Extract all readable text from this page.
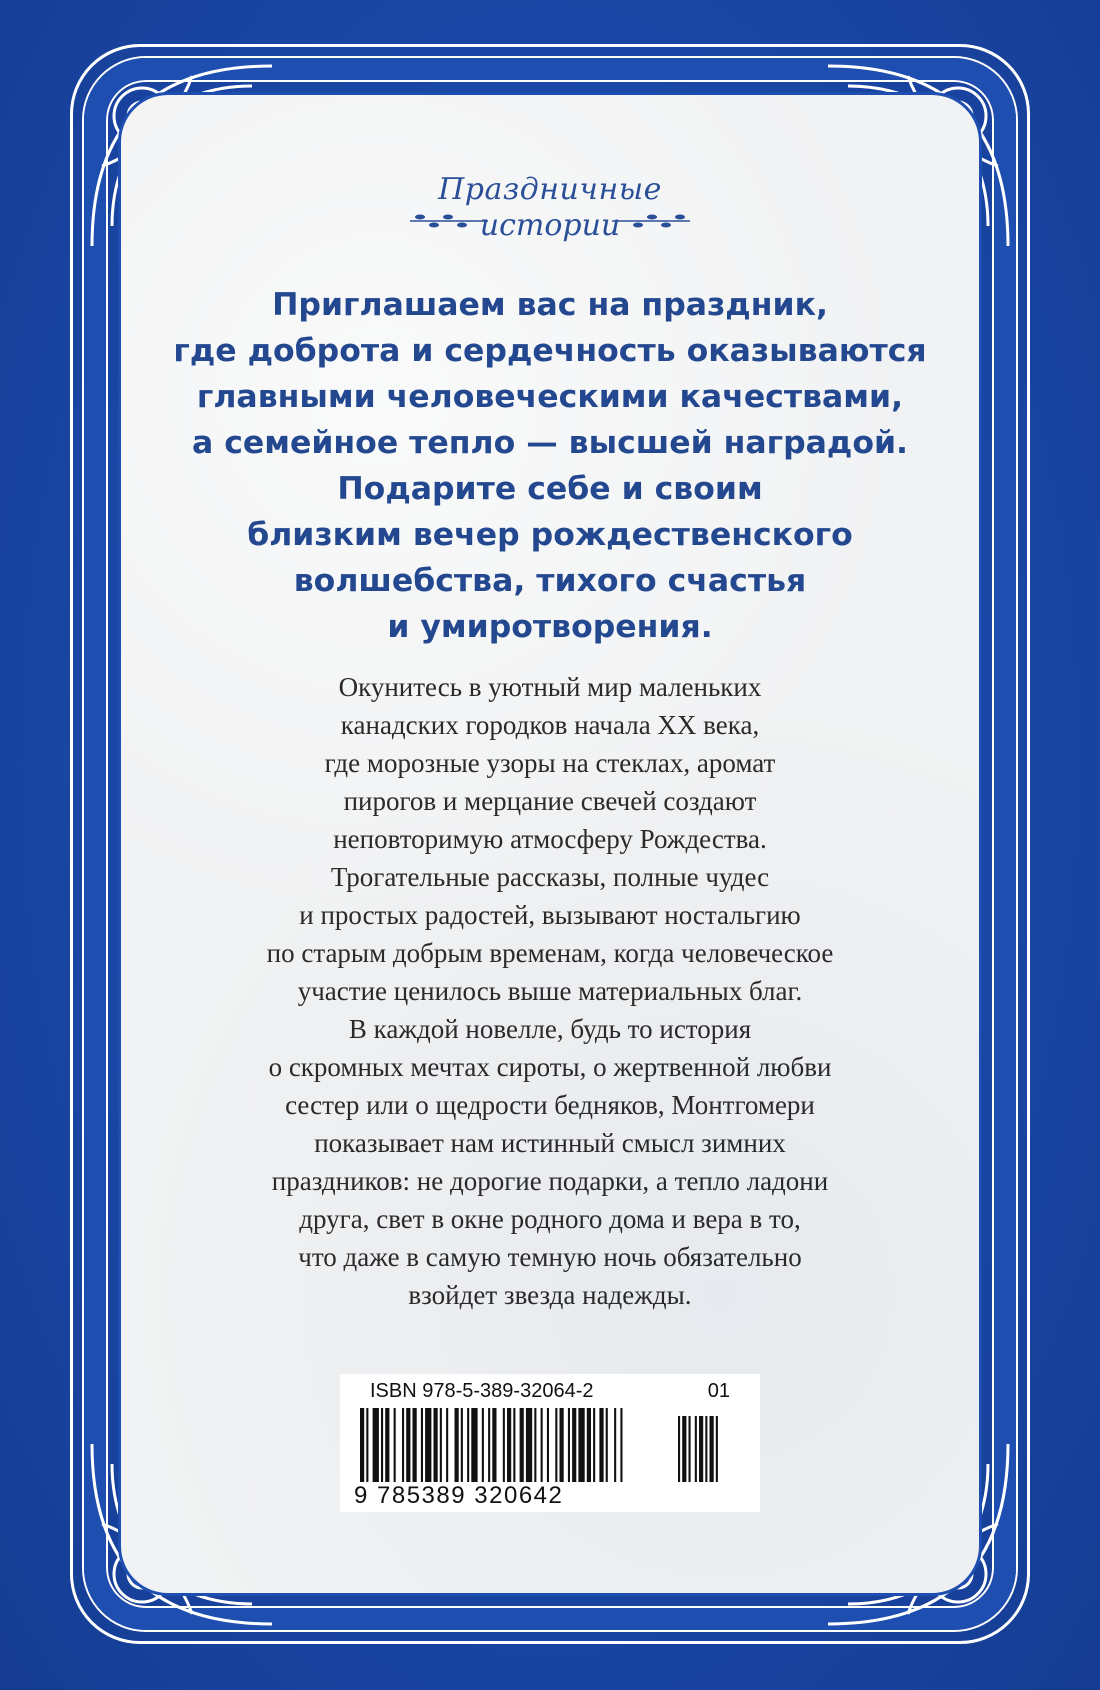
Праздничные
истории

Приглашаем вас на праздник,

где доброта и сердечность оказываются

главными человеческими качествами,

а семейное тепло — высшей наградой.

Подарите себе и своим

близким вечер рождественского

волшебства, тихого счастья

и умиротворения.

Окунитесь в уютный мир маленьких

канадских городков начала XX века,

где морозные узоры на стеклах, аромат

пирогов и мерцание свечей создают

неповторимую атмосферу Рождества.

Трогательные рассказы, полные чудес

и простых радостей, вызывают ностальгию

по старым добрым временам, когда человеческое

участие ценилось выше материальных благ.

В каждой новелле, будь то история

о скромных мечтах сироты, о жертвенной любви

сестер или о щедрости бедняков, Монтгомери

показывает нам истинный смысл зимних

праздников: не дорогие подарки, а тепло ладони

друга, свет в окне родного дома и вера в то,

что даже в самую темную ночь обязательно

взойдет звезда надежды.

ISBN 978-5-389-32064-2	01
9 785389 320642
